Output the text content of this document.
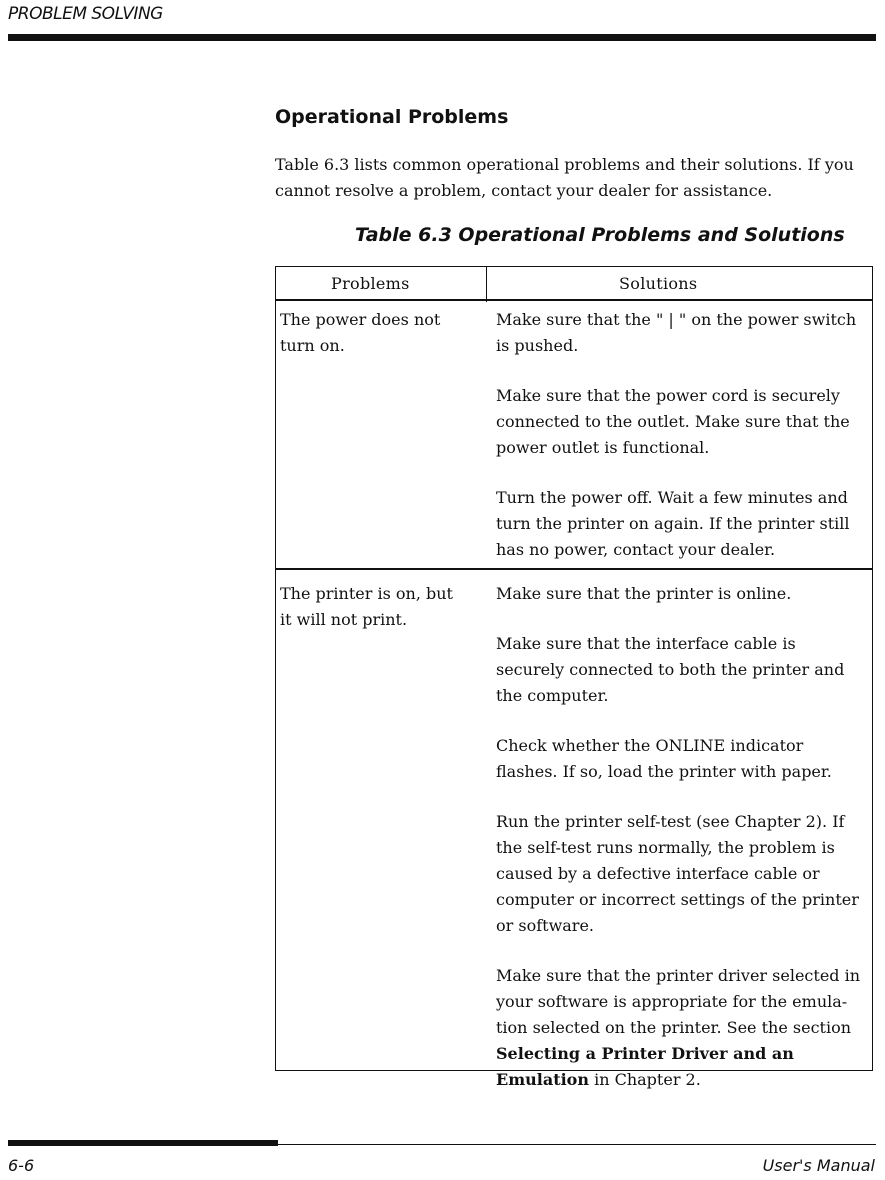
PROBLEM SOLVING
Operational Problems
Table 6.3 lists common operational problems and their solutions. If you cannot resolve a problem, contact your dealer for assistance.
Table 6.3 Operational Problems and Solutions
Problems	Solutions
The power does not turn on.

Make sure that the " | " on the power switch is pushed.

Make sure that the power cord is securely connected to the outlet. Make sure that the power outlet is functional.

Turn the power off. Wait a few minutes and turn the printer on again. If the printer still has no power, contact your dealer.

The printer is on, but it will not print.

Make sure that the printer is online.

Make sure that the interface cable is securely connected to both the printer and the computer.

Check whether the ONLINE indicator flashes. If so, load the printer with paper.

Run the printer self-test (see Chapter 2). If the self-test runs normally, the problem is caused by a defective interface cable or computer or incorrect settings of the printer or software.

Make sure that the printer driver selected in your software is appropriate for the emula- tion selected on the printer. See the section Selecting a Printer Driver and an Emulation in Chapter 2.

6-6	User's Manual
